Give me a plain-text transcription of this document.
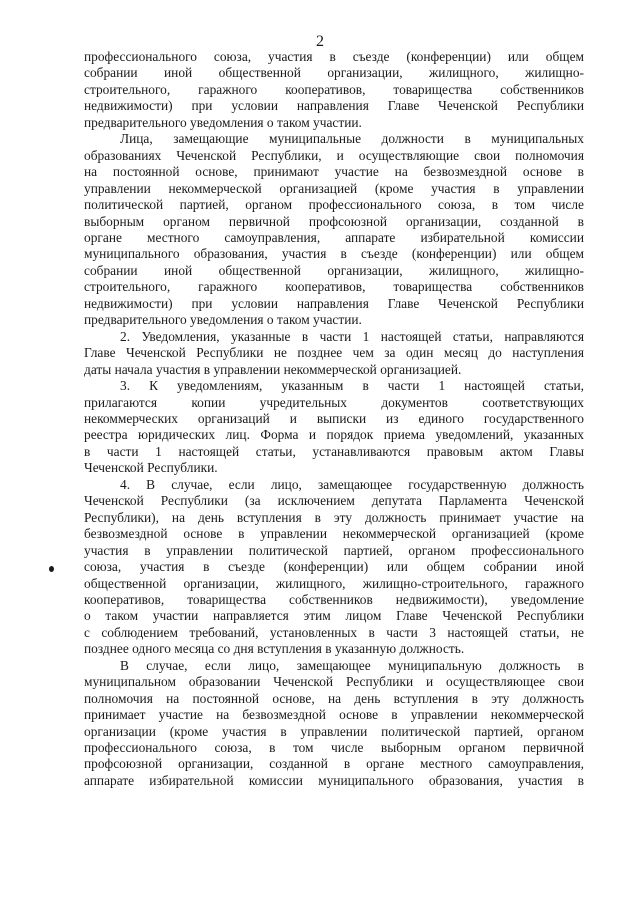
2
профессионального союза, участия в съезде (конференции) или общем
собрании иной общественной организации, жилищного, жилищно-
строительного, гаражного кооперативов, товарищества собственников
недвижимости) при условии направления Главе Чеченской Республики
предварительного уведомления о таком участии.
Лица, замещающие муниципальные должности в муниципальных
образованиях Чеченской Республики, и осуществляющие свои полномочия
на постоянной основе, принимают участие на безвозмездной основе в
управлении некоммерческой организацией (кроме участия в управлении
политической партией, органом профессионального союза, в том числе
выборным органом первичной профсоюзной организации, созданной в
органе местного самоуправления, аппарате избирательной комиссии
муниципального образования, участия в съезде (конференции) или общем
собрании иной общественной организации, жилищного, жилищно-
строительного, гаражного кооперативов, товарищества собственников
недвижимости) при условии направления Главе Чеченской Республики
предварительного уведомления о таком участии.
2. Уведомления, указанные в части 1 настоящей статьи, направляются
Главе Чеченской Республики не позднее чем за один месяц до наступления
даты начала участия в управлении некоммерческой организацией.
3. К уведомлениям, указанным в части 1 настоящей статьи,
прилагаются копии учредительных документов соответствующих
некоммерческих организаций и выписки из единого государственного
реестра юридических лиц. Форма и порядок приема уведомлений, указанных
в части 1 настоящей статьи, устанавливаются правовым актом Главы
Чеченской Республики.
4. В случае, если лицо, замещающее государственную должность
Чеченской Республики (за исключением депутата Парламента Чеченской
Республики), на день вступления в эту должность принимает участие на
безвозмездной основе в управлении некоммерческой организацией (кроме
участия в управлении политической партией, органом профессионального
союза, участия в съезде (конференции) или общем собрании иной
общественной организации, жилищного, жилищно-строительного, гаражного
кооперативов, товарищества собственников недвижимости), уведомление
о таком участии направляется этим лицом Главе Чеченской Республики
с соблюдением требований, установленных в части 3 настоящей статьи, не
позднее одного месяца со дня вступления в указанную должность.
В случае, если лицо, замещающее муниципальную должность в
муниципальном образовании Чеченской Республики и осуществляющее свои
полномочия на постоянной основе, на день вступления в эту должность
принимает участие на безвозмездной основе в управлении некоммерческой
организации (кроме участия в управлении политической партией, органом
профессионального союза, в том числе выборным органом первичной
профсоюзной организации, созданной в органе местного самоуправления,
аппарате избирательной комиссии муниципального образования, участия в
